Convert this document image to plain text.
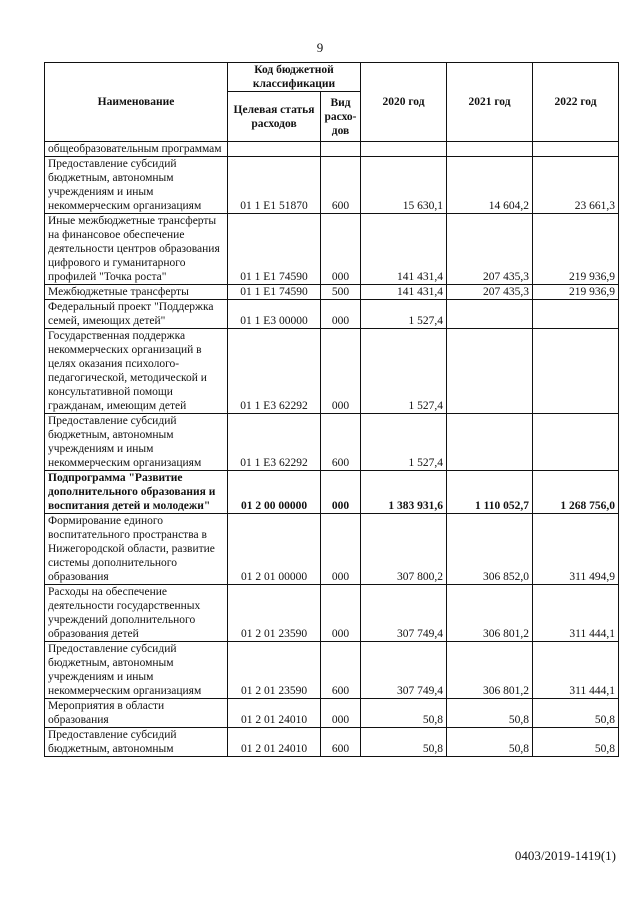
9
Наименование	Код бюджетной классификации		2020 год	2021 год	2022 год
	Целевая статья расходов	Вид расхо-дов			
общеобразовательным программам					
Предоставление субсидий бюджетным, автономным учреждениям и иным некоммерческим организациям	01 1 E1 51870	600	15 630,1	14 604,2	23 661,3
Иные межбюджетные трансферты на финансовое обеспечение деятельности центров образования цифрового и гуманитарного профилей "Точка роста"	01 1 E1 74590	000	141 431,4	207 435,3	219 936,9
Межбюджетные трансферты	01 1 E1 74590	500	141 431,4	207 435,3	219 936,9
Федеральный проект "Поддержка семей, имеющих детей"	01 1 E3 00000	000	1 527,4		
Государственная поддержка некоммерческих организаций в целях оказания психолого-педагогической, методической и консультативной помощи гражданам, имеющим детей	01 1 E3 62292	000	1 527,4		
Предоставление субсидий бюджетным, автономным учреждениям и иным некоммерческим организациям	01 1 E3 62292	600	1 527,4		
Подпрограмма "Развитие дополнительного образования и воспитания детей и молодежи"	01 2 00 00000	000	1 383 931,6	1 110 052,7	1 268 756,0
Формирование единого воспитательного пространства в Нижегородской области, развитие системы дополнительного образования	01 2 01 00000	000	307 800,2	306 852,0	311 494,9
Расходы на обеспечение деятельности государственных учреждений дополнительного образования детей	01 2 01 23590	000	307 749,4	306 801,2	311 444,1
Предоставление субсидий бюджетным, автономным учреждениям и иным некоммерческим организациям	01 2 01 23590	600	307 749,4	306 801,2	311 444,1
Мероприятия в области образования	01 2 01 24010	000	50,8	50,8	50,8
Предоставление субсидий бюджетным, автономным	01 2 01 24010	600	50,8	50,8	50,8
0403/2019-1419(1)
